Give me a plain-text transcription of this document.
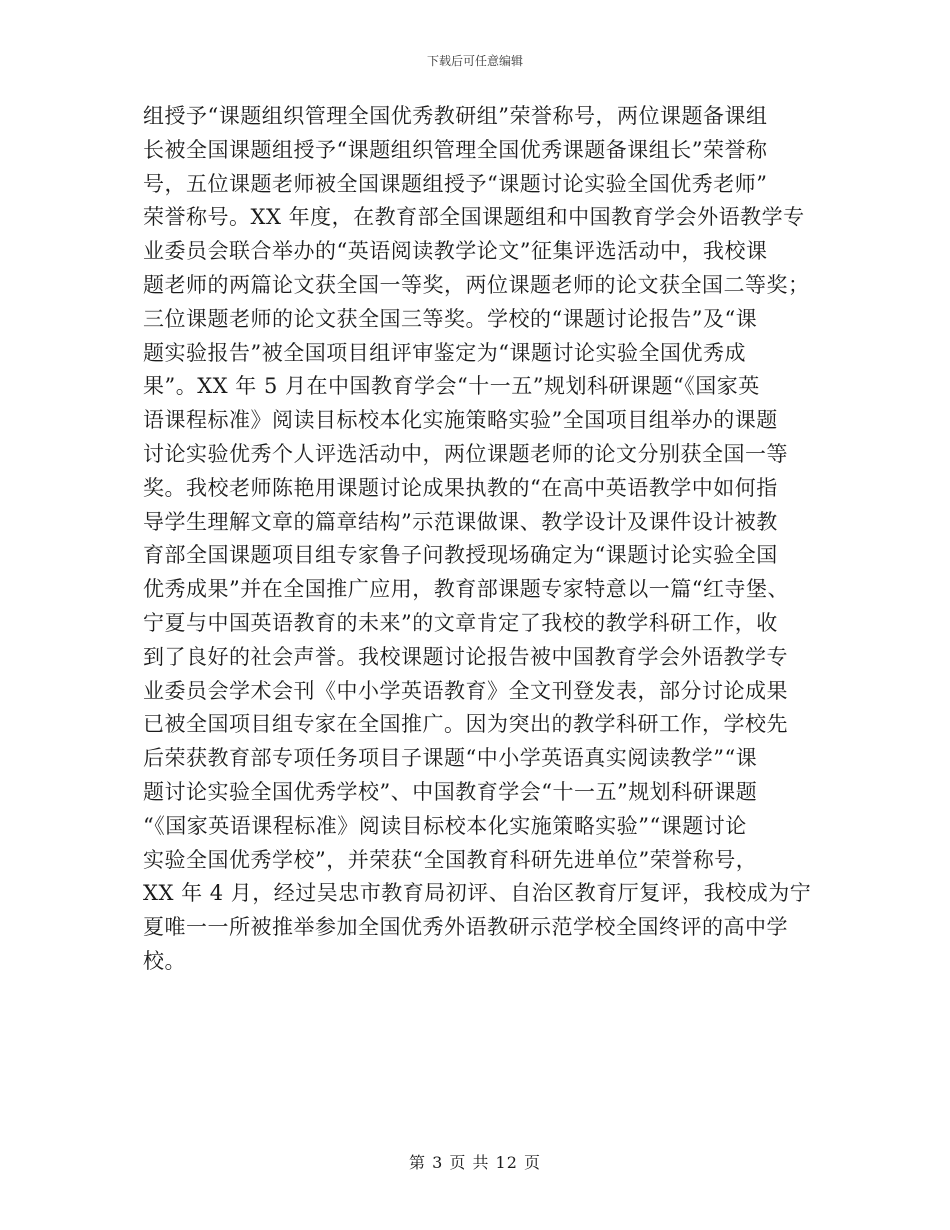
下载后可任意编辑
组授予“课题组织管理全国优秀教研组”荣誉称号，两位课题备课组
长被全国课题组授予“课题组织管理全国优秀课题备课组长”荣誉称
号，五位课题老师被全国课题组授予“课题讨论实验全国优秀老师”
荣誉称号。XX 年度，在教育部全国课题组和中国教育学会外语教学专
业委员会联合举办的“英语阅读教学论文”征集评选活动中，我校课
题老师的两篇论文获全国一等奖，两位课题老师的论文获全国二等奖；
三位课题老师的论文获全国三等奖。学校的“课题讨论报告”及“课
题实验报告”被全国项目组评审鉴定为“课题讨论实验全国优秀成
果”。XX 年 5 月在中国教育学会“十一五”规划科研课题“《国家英
语课程标准》阅读目标校本化实施策略实验”全国项目组举办的课题
讨论实验优秀个人评选活动中，两位课题老师的论文分别获全国一等
奖。我校老师陈艳用课题讨论成果执教的“在高中英语教学中如何指
导学生理解文章的篇章结构”示范课做课、教学设计及课件设计被教
育部全国课题项目组专家鲁子问教授现场确定为“课题讨论实验全国
优秀成果”并在全国推广应用，教育部课题专家特意以一篇“红寺堡、
宁夏与中国英语教育的未来”的文章肯定了我校的教学科研工作，收
到了良好的社会声誉。我校课题讨论报告被中国教育学会外语教学专
业委员会学术会刊《中小学英语教育》全文刊登发表，部分讨论成果
已被全国项目组专家在全国推广。因为突出的教学科研工作，学校先
后荣获教育部专项任务项目子课题“中小学英语真实阅读教学”“课
题讨论实验全国优秀学校”、中国教育学会“十一五”规划科研课题
“《国家英语课程标准》阅读目标校本化实施策略实验”“课题讨论
实验全国优秀学校”，并荣获“全国教育科研先进单位”荣誉称号，
XX 年 4 月，经过吴忠市教育局初评、自治区教育厅复评，我校成为宁
夏唯一一所被推举参加全国优秀外语教研示范学校全国终评的高中学
校。
第 3 页 共 12 页
